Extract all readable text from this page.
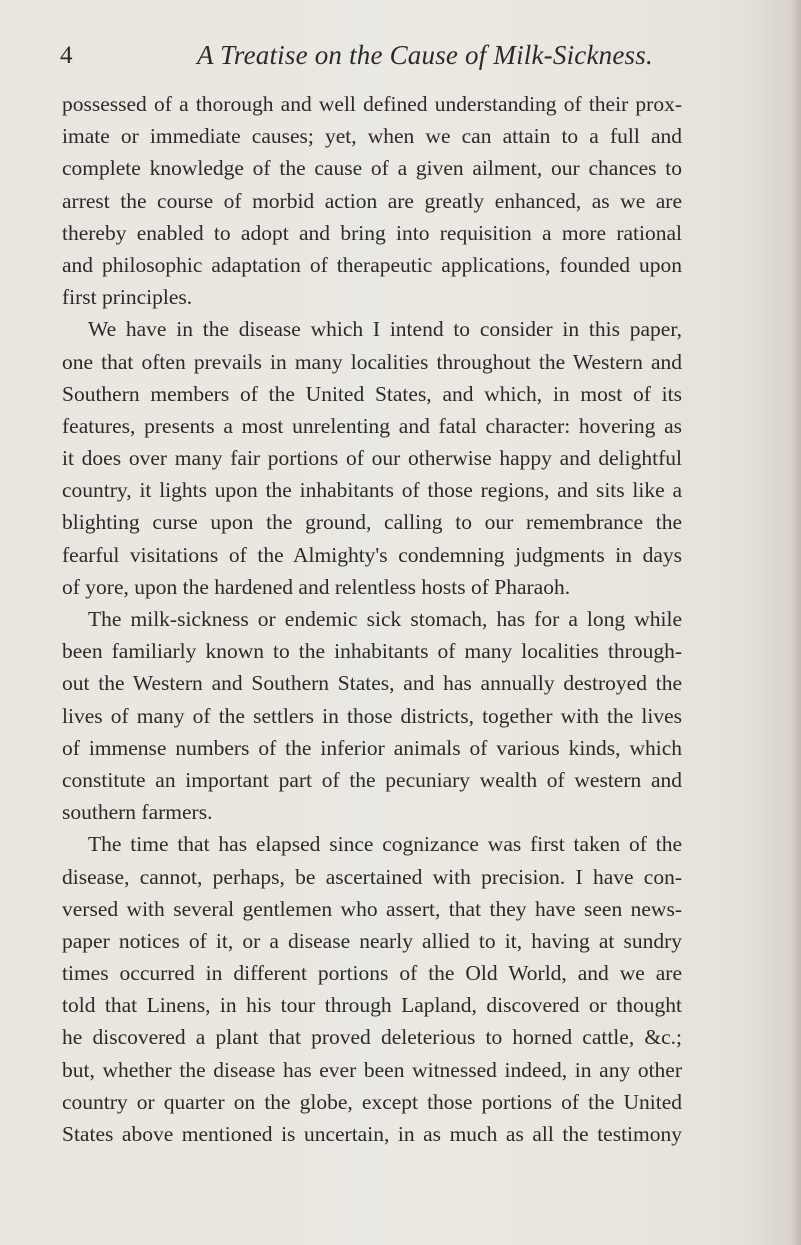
4	A Treatise on the Cause of Milk-Sickness.
possessed of a thorough and well defined understanding of their prox-
imate or immediate causes; yet, when we can attain to a full and
complete knowledge of the cause of a given ailment, our chances to
arrest the course of morbid action are greatly enhanced, as we are
thereby enabled to adopt and bring into requisition a more rational
and philosophic adaptation of therapeutic applications, founded upon
first principles.
We have in the disease which I intend to consider in this paper,
one that often prevails in many localities throughout the Western and
Southern members of the United States, and which, in most of its
features, presents a most unrelenting and fatal character: hovering as
it does over many fair portions of our otherwise happy and delightful
country, it lights upon the inhabitants of those regions, and sits like a
blighting curse upon the ground, calling to our remembrance the
fearful visitations of the Almighty's condemning judgments in days
of yore, upon the hardened and relentless hosts of Pharaoh.
The milk-sickness or endemic sick stomach, has for a long while
been familiarly known to the inhabitants of many localities through-
out the Western and Southern States, and has annually destroyed the
lives of many of the settlers in those districts, together with the lives
of immense numbers of the inferior animals of various kinds, which
constitute an important part of the pecuniary wealth of western and
southern farmers.
The time that has elapsed since cognizance was first taken of the
disease, cannot, perhaps, be ascertained with precision. I have con-
versed with several gentlemen who assert, that they have seen news-
paper notices of it, or a disease nearly allied to it, having at sundry
times occurred in different portions of the Old World, and we are
told that Linens, in his tour through Lapland, discovered or thought
he discovered a plant that proved deleterious to horned cattle, &c.;
but, whether the disease has ever been witnessed indeed, in any other
country or quarter on the globe, except those portions of the United
States above mentioned is uncertain, in as much as all the testimony
